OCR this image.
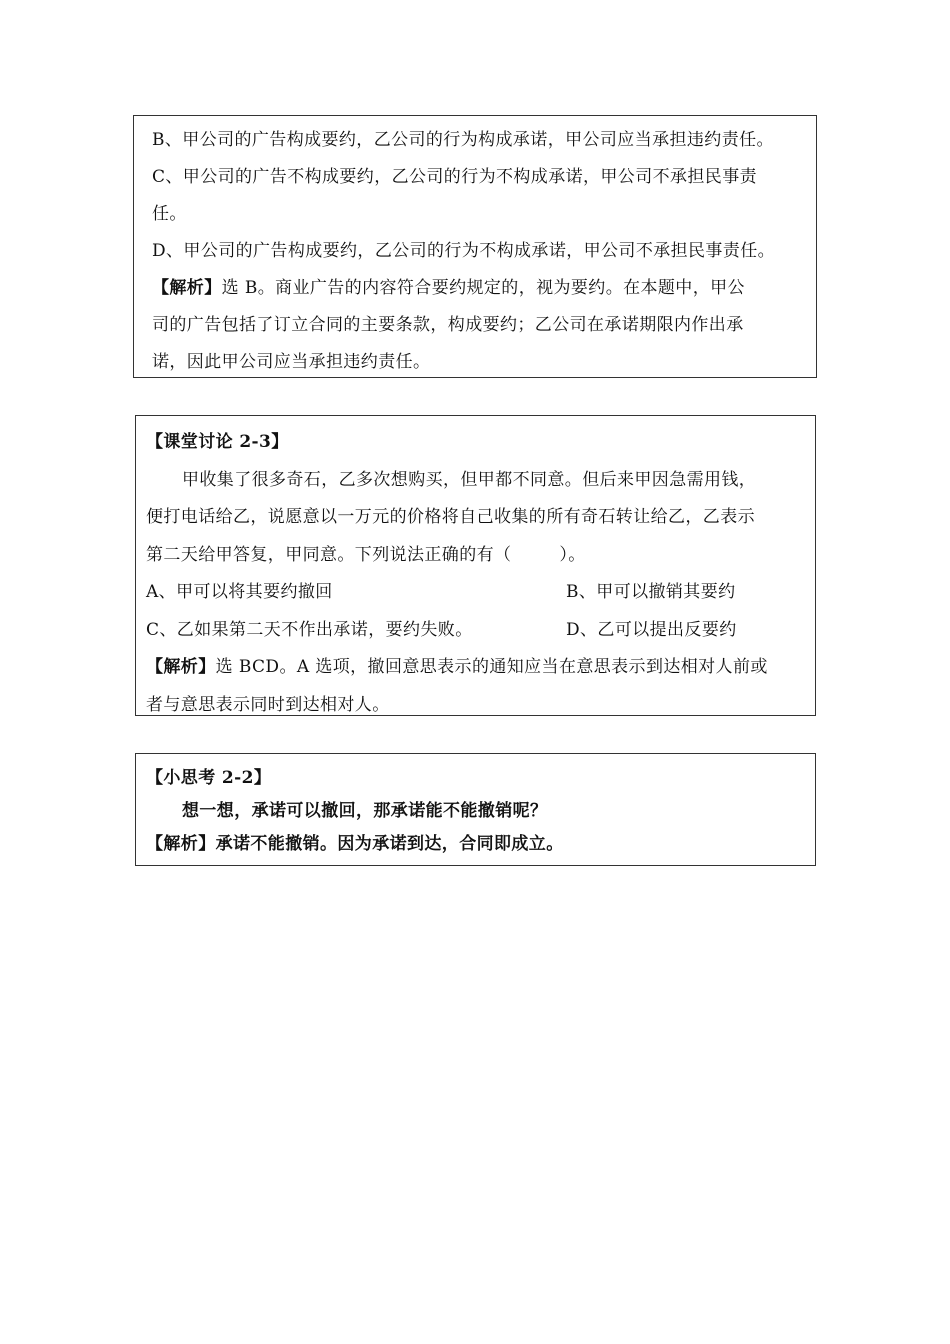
B、甲公司的广告构成要约，乙公司的行为构成承诺，甲公司应当承担违约责任。
C、甲公司的广告不构成要约，乙公司的行为不构成承诺，甲公司不承担民事责
任。
D、甲公司的广告构成要约，乙公司的行为不构成承诺，甲公司不承担民事责任。
【解析】选 B。商业广告的内容符合要约规定的，视为要约。在本题中，甲公
司的广告包括了订立合同的主要条款，构成要约；乙公司在承诺期限内作出承
诺，因此甲公司应当承担违约责任。
【课堂讨论 2-3】
甲收集了很多奇石，乙多次想购买，但甲都不同意。但后来甲因急需用钱，
便打电话给乙，说愿意以一万元的价格将自己收集的所有奇石转让给乙，乙表示
第二天给甲答复，甲同意。下列说法正确的有（	）。
A、甲可以将其要约撤回	B、甲可以撤销其要约
C、乙如果第二天不作出承诺，要约失败。	D、乙可以提出反要约
【解析】选 BCD。A 选项，撤回意思表示的通知应当在意思表示到达相对人前或
者与意思表示同时到达相对人。
【小思考 2-2】
想一想，承诺可以撤回，那承诺能不能撤销呢？
【解析】承诺不能撤销。因为承诺到达，合同即成立。
